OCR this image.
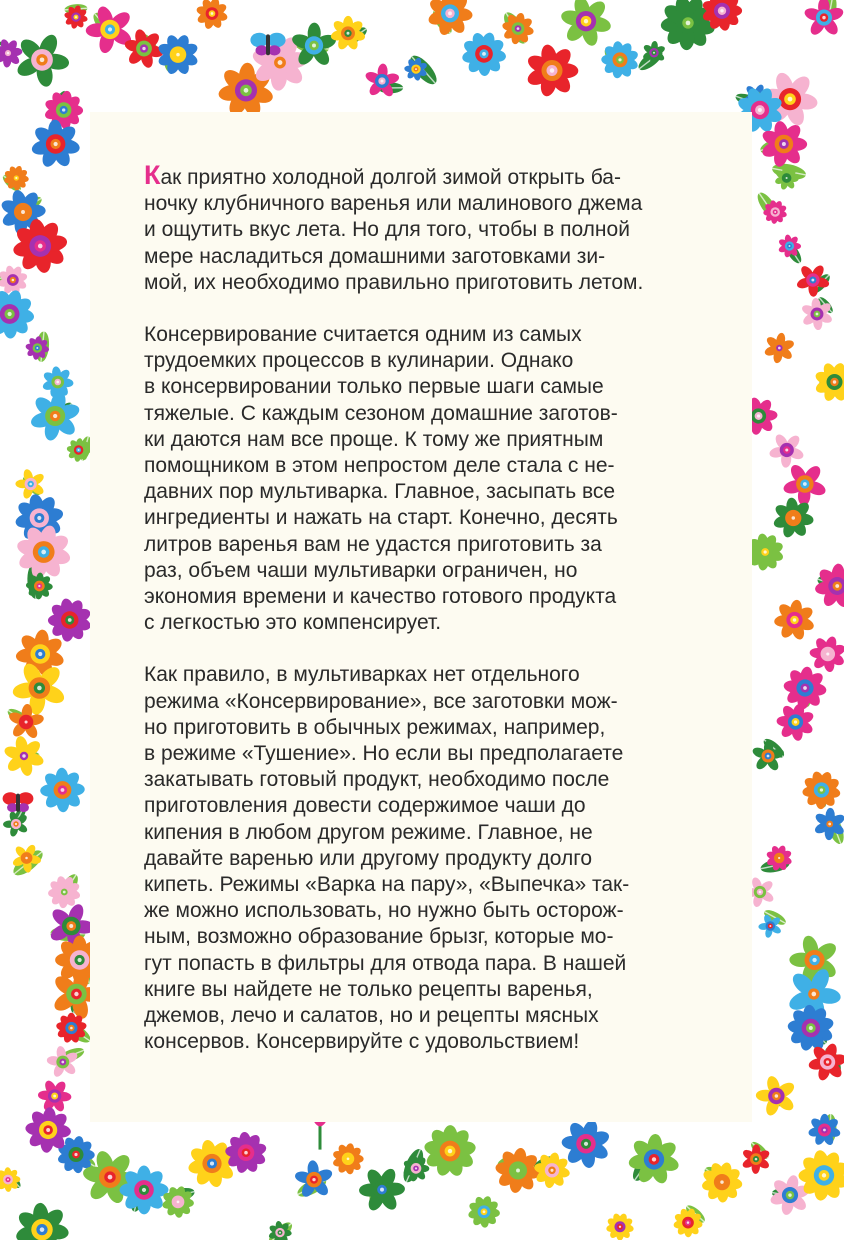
Как приятно холодной долгой зимой открыть ба-
ночку клубничного варенья или малинового джема
и ощутить вкус лета. Но для того, чтобы в полной
мере насладиться домашними заготовками зи-
мой, их необходимо правильно приготовить летом.

Консервирование считается одним из самых
трудоемких процессов в кулинарии. Однако
в консервировании только первые шаги самые
тяжелые. С каждым сезоном домашние заготов-
ки даются нам все проще. К тому же приятным
помощником в этом непростом деле стала с не-
давних пор мультиварка. Главное, засыпать все
ингредиенты и нажать на старт. Конечно, десять
литров варенья вам не удастся приготовить за
раз, объем чаши мультиварки ограничен, но
экономия времени и качество готового продукта
с легкостью это компенсирует.

Как правило, в мультиварках нет отдельного
режима «Консервирование», все заготовки мож-
но приготовить в обычных режимах, например,
в режиме «Тушение». Но если вы предполагаете
закатывать готовый продукт, необходимо после
приготовления довести содержимое чаши до
кипения в любом другом режиме. Главное, не
давайте варенью или другому продукту долго
кипеть. Режимы «Варка на пару», «Выпечка» так-
же можно использовать, но нужно быть осторож-
ным, возможно образование брызг, которые мо-
гут попасть в фильтры для отвода пара. В нашей
книге вы найдете не только рецепты варенья,
джемов, лечо и салатов, но и рецепты мясных
консервов. Консервируйте с удовольствием!
